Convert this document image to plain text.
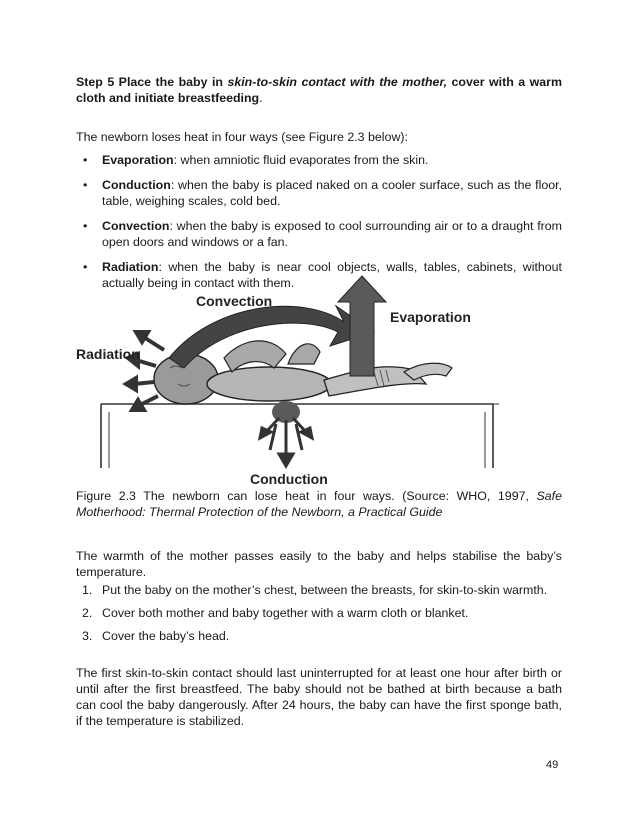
Step 5 Place the baby in skin-to-skin contact with the mother, cover with a warm cloth and initiate breastfeeding.
The newborn loses heat in four ways (see Figure 2.3 below):
• Evaporation: when amniotic fluid evaporates from the skin.
• Conduction: when the baby is placed naked on a cooler surface, such as the floor, table, weighing scales, cold bed.
• Convection: when the baby is exposed to cool surrounding air or to a draught from open doors and windows or a fan.
• Radiation: when the baby is near cool objects, walls, tables, cabinets, without actually being in contact with them.
Convection
Evaporation
Radiation
Conduction
Figure 2.3 The newborn can lose heat in four ways. (Source: WHO, 1997, Safe Motherhood: Thermal Protection of the Newborn, a Practical Guide
The warmth of the mother passes easily to the baby and helps stabilise the baby’s temperature.
1. Put the baby on the mother’s chest, between the breasts, for skin-to-skin warmth.
2. Cover both mother and baby together with a warm cloth or blanket.
3. Cover the baby’s head.
The first skin-to-skin contact should last uninterrupted for at least one hour after birth or until after the first breastfeed. The baby should not be bathed at birth because a bath can cool the baby dangerously. After 24 hours, the baby can have the first sponge bath, if the temperature is stabilized.
49
